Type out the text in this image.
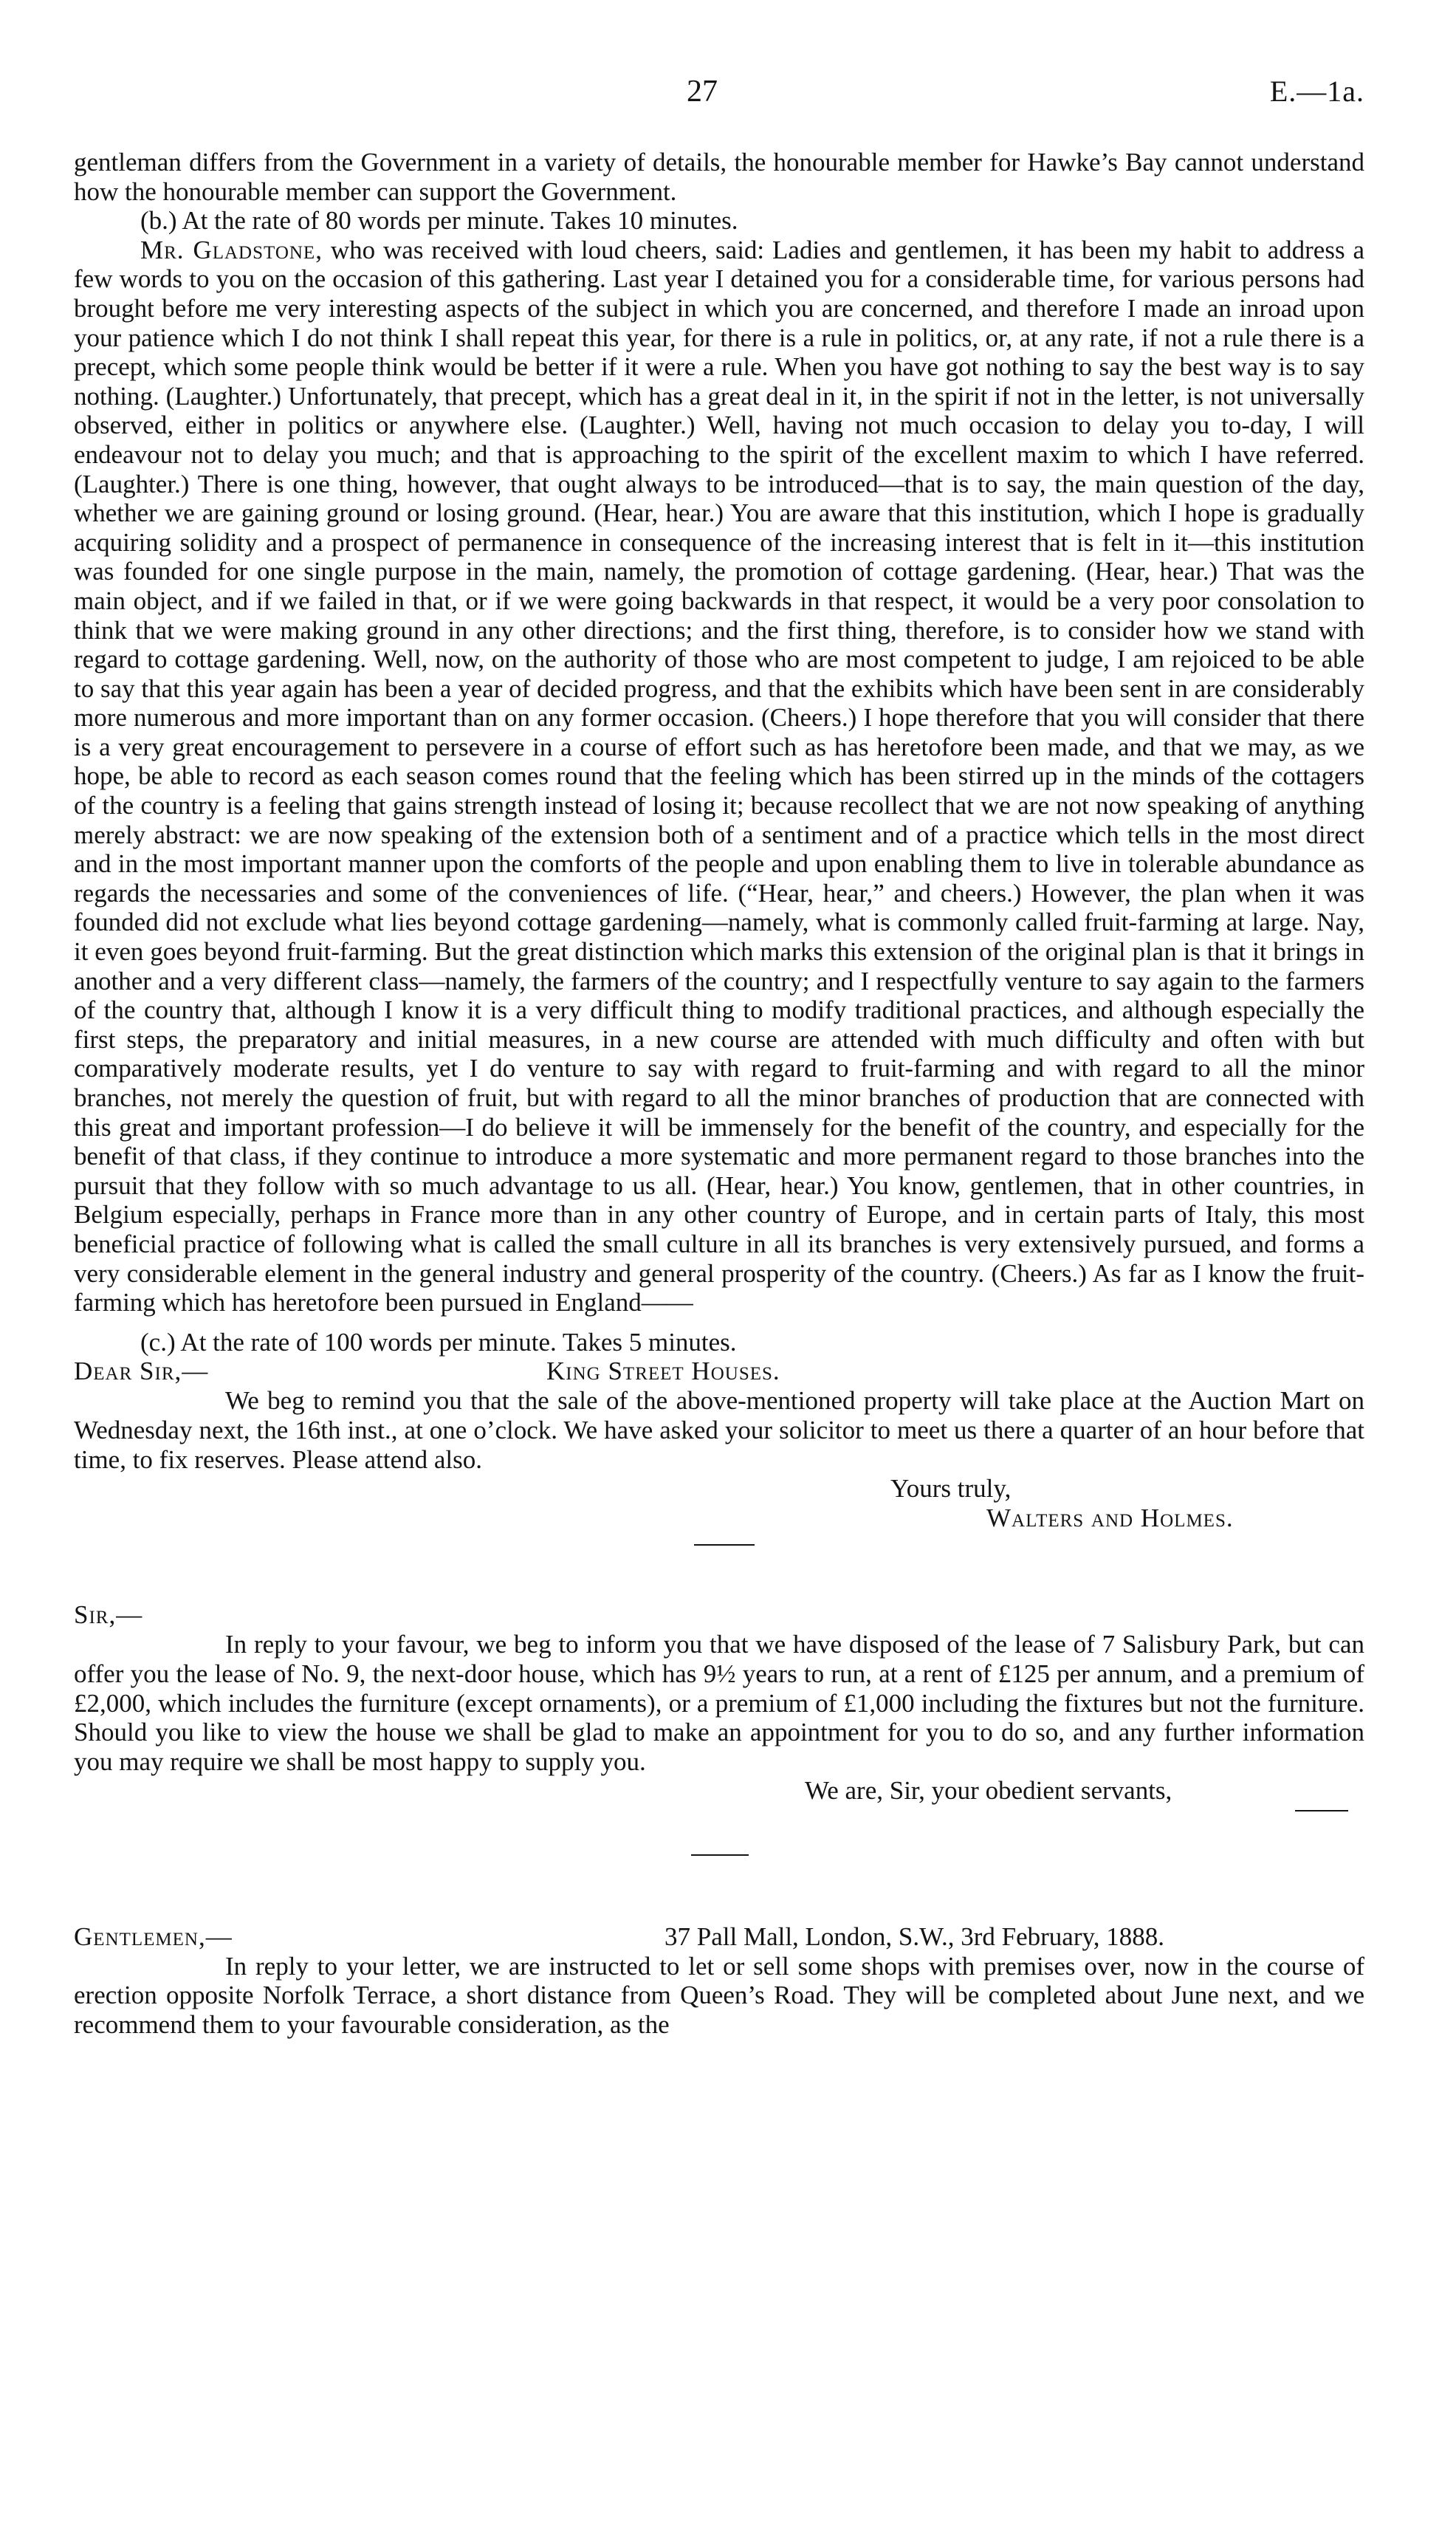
27	E.—1a.

gentleman differs from the Government in a variety of details, the honourable member for Hawke’s Bay cannot understand how the honourable member can support the Government.

(b.) At the rate of 80 words per minute. Takes 10 minutes.

Mr. Gladstone, who was received with loud cheers, said: Ladies and gentlemen, it has been my habit to address a few words to you on the occasion of this gathering. Last year I detained you for a considerable time, for various persons had brought before me very interesting aspects of the subject in which you are concerned, and therefore I made an inroad upon your patience which I do not think I shall repeat this year, for there is a rule in politics, or, at any rate, if not a rule there is a precept, which some people think would be better if it were a rule. When you have got nothing to say the best way is to say nothing. (Laughter.) Unfortunately, that precept, which has a great deal in it, in the spirit if not in the letter, is not universally observed, either in politics or anywhere else. (Laughter.) Well, having not much occasion to delay you to-day, I will endeavour not to delay you much; and that is approaching to the spirit of the excellent maxim to which I have referred. (Laughter.) There is one thing, however, that ought always to be introduced—that is to say, the main question of the day, whether we are gaining ground or losing ground. (Hear, hear.) You are aware that this institution, which I hope is gradually acquiring solidity and a prospect of permanence in consequence of the increasing interest that is felt in it—this institution was founded for one single purpose in the main, namely, the promotion of cottage gardening. (Hear, hear.) That was the main object, and if we failed in that, or if we were going backwards in that respect, it would be a very poor consolation to think that we were making ground in any other directions; and the first thing, therefore, is to consider how we stand with regard to cottage gardening. Well, now, on the authority of those who are most competent to judge, I am rejoiced to be able to say that this year again has been a year of decided progress, and that the exhibits which have been sent in are considerably more numerous and more important than on any former occasion. (Cheers.) I hope therefore that you will consider that there is a very great encouragement to persevere in a course of effort such as has heretofore been made, and that we may, as we hope, be able to record as each season comes round that the feeling which has been stirred up in the minds of the cottagers of the country is a feeling that gains strength instead of losing it; because recollect that we are not now speaking of anything merely abstract: we are now speaking of the extension both of a sentiment and of a practice which tells in the most direct and in the most important manner upon the comforts of the people and upon enabling them to live in tolerable abundance as regards the necessaries and some of the conveniences of life. (“Hear, hear,” and cheers.) However, the plan when it was founded did not exclude what lies beyond cottage gardening—namely, what is commonly called fruit-farming at large. Nay, it even goes beyond fruit-farming. But the great distinction which marks this extension of the original plan is that it brings in another and a very different class—namely, the farmers of the country; and I respectfully venture to say again to the farmers of the country that, although I know it is a very difficult thing to modify traditional practices, and although especially the first steps, the preparatory and initial measures, in a new course are attended with much difficulty and often with but comparatively moderate results, yet I do venture to say with regard to fruit-farming and with regard to all the minor branches, not merely the question of fruit, but with regard to all the minor branches of production that are connected with this great and important profession—I do believe it will be immensely for the benefit of the country, and especially for the benefit of that class, if they continue to introduce a more systematic and more permanent regard to those branches into the pursuit that they follow with so much advantage to us all. (Hear, hear.) You know, gentlemen, that in other countries, in Belgium especially, perhaps in France more than in any other country of Europe, and in certain parts of Italy, this most beneficial practice of following what is called the small culture in all its branches is very extensively pursued, and forms a very considerable element in the general industry and general prosperity of the country. (Cheers.) As far as I know the fruit-farming which has heretofore been pursued in England——

(c.) At the rate of 100 words per minute. Takes 5 minutes.

Dear Sir,—	King Street Houses.

We beg to remind you that the sale of the above-mentioned property will take place at the Auction Mart on Wednesday next, the 16th inst., at one o’clock. We have asked your solicitor to meet us there a quarter of an hour before that time, to fix reserves. Please attend also.

Yours truly,

Walters and Holmes.

Sir,—

In reply to your favour, we beg to inform you that we have disposed of the lease of 7 Salisbury Park, but can offer you the lease of No. 9, the next-door house, which has 9½ years to run, at a rent of £125 per annum, and a premium of £2,000, which includes the furniture (except ornaments), or a premium of £1,000 including the fixtures but not the furniture. Should you like to view the house we shall be glad to make an appointment for you to do so, and any further information you may require we shall be most happy to supply you.

We are, Sir, your obedient servants,

Gentlemen,—	37 Pall Mall, London, S.W., 3rd February, 1888.

In reply to your letter, we are instructed to let or sell some shops with premises over, now in the course of erection opposite Norfolk Terrace, a short distance from Queen’s Road. They will be completed about June next, and we recommend them to your favourable consideration, as the
